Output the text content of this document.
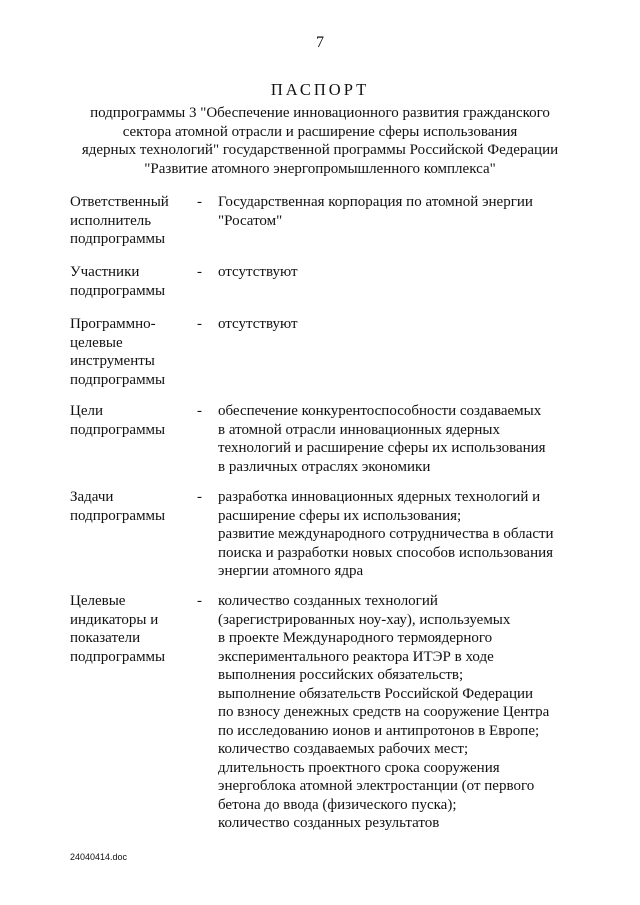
7
ПАСПОРТ
подпрограммы 3 "Обеспечение инновационного развития гражданского
сектора атомной отрасли и расширение сферы использования
ядерных технологий" государственной программы Российской Федерации
"Развитие атомного энергопромышленного комплекса"
Ответственный
исполнитель
подпрограммы
- Государственная корпорация по атомной энергии
"Росатом"
Участники
подпрограммы
- отсутствуют
Программно-
целевые
инструменты
подпрограммы
- отсутствуют
Цели
подпрограммы
- обеспечение конкурентоспособности создаваемых
в атомной отрасли инновационных ядерных
технологий и расширение сферы их использования
в различных отраслях экономики
Задачи
подпрограммы
- разработка инновационных ядерных технологий и
расширение сферы их использования;
развитие международного сотрудничества в области
поиска и разработки новых способов использования
энергии атомного ядра
Целевые
индикаторы и
показатели
подпрограммы
- количество созданных технологий
(зарегистрированных ноу-хау), используемых
в проекте Международного термоядерного
экспериментального реактора ИТЭР в ходе
выполнения российских обязательств;
выполнение обязательств Российской Федерации
по взносу денежных средств на сооружение Центра
по исследованию ионов и антипротонов в Европе;
количество создаваемых рабочих мест;
длительность проектного срока сооружения
энергоблока атомной электростанции (от первого
бетона до ввода (физического пуска);
количество созданных результатов
24040414.doc
